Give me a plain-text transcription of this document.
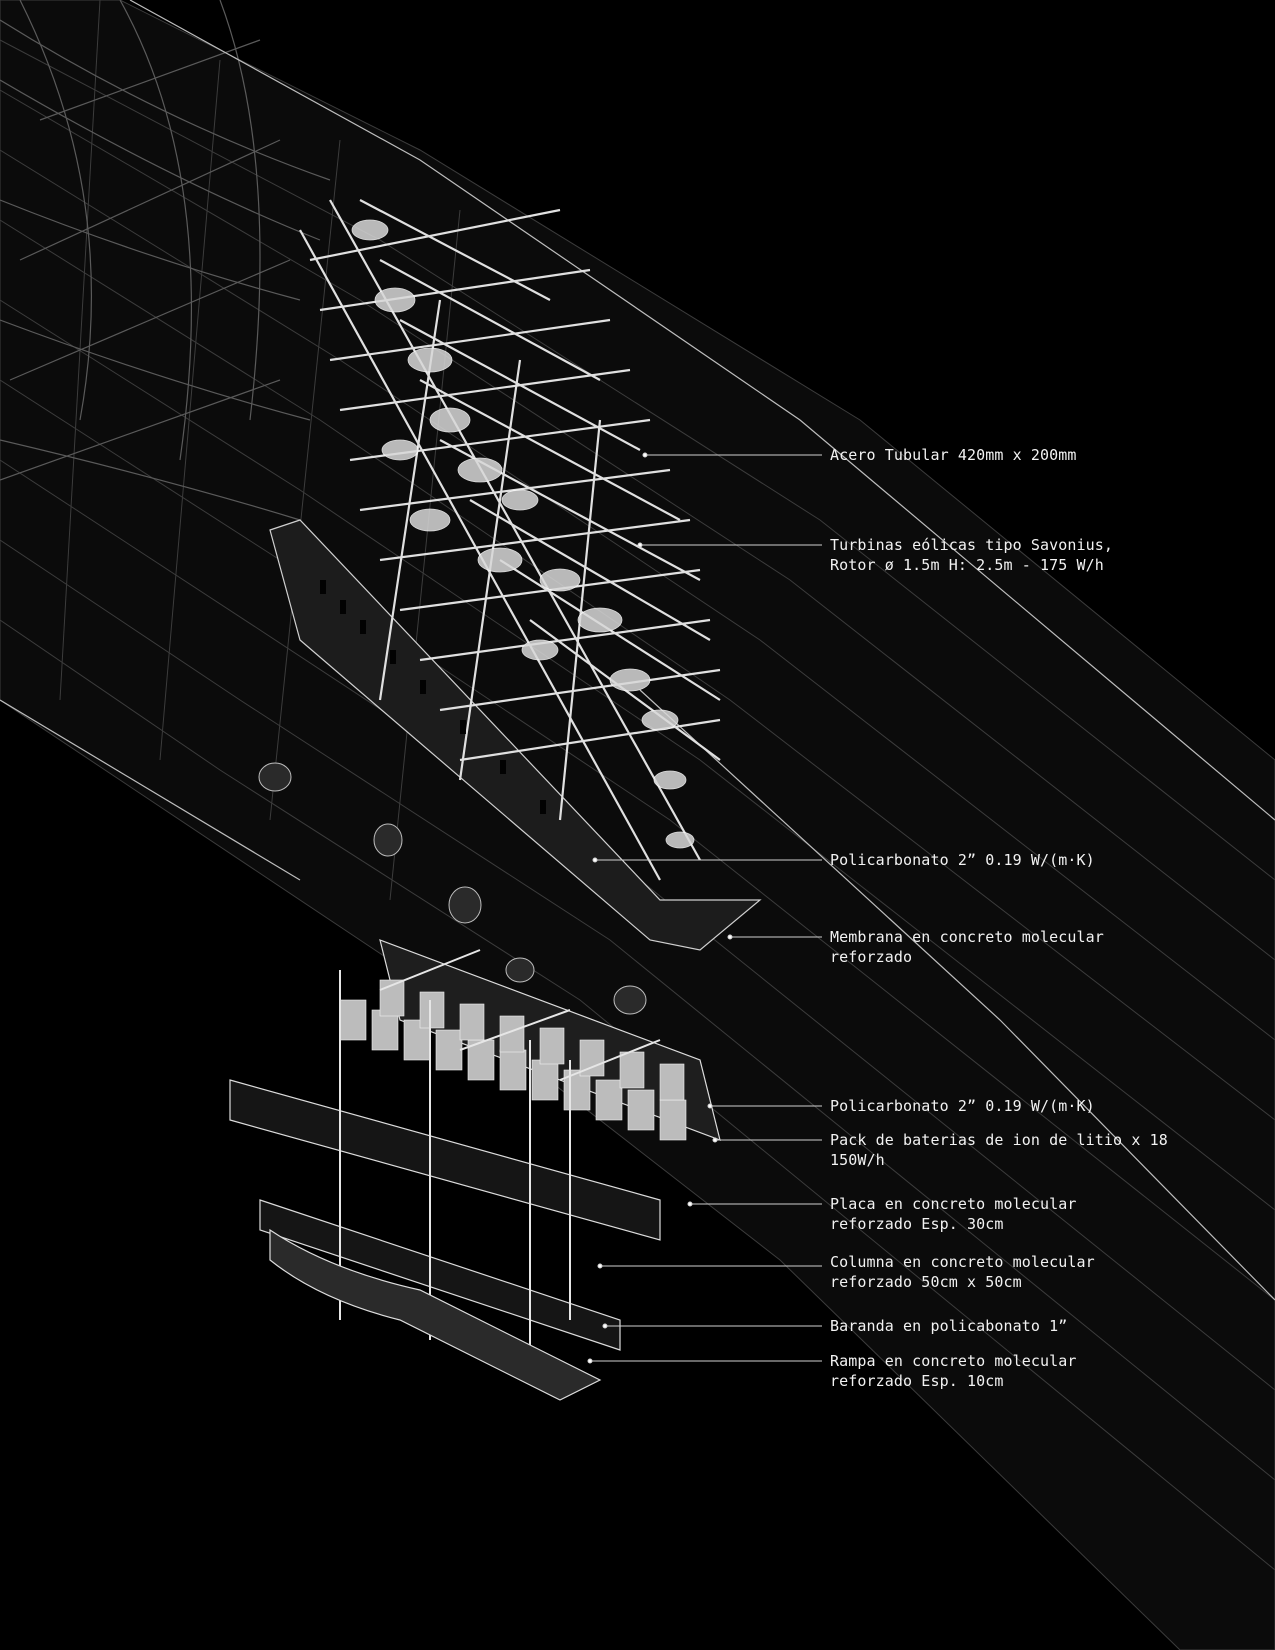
Acero Tubular 420mm x 200mm

Turbinas eólicas tipo Savonius,
Rotor ø 1.5m H: 2.5m - 175 W/h

Policarbonato 2” 0.19 W/(m·K)

Membrana en concreto molecular
reforzado

Policarbonato 2” 0.19 W/(m·K)

Pack de baterias de ion de litio x 18
150W/h

Placa en concreto molecular
reforzado Esp. 30cm

Columna en concreto molecular
reforzado 50cm x 50cm

Baranda en policabonato 1”

Rampa en concreto molecular
reforzado Esp. 10cm
